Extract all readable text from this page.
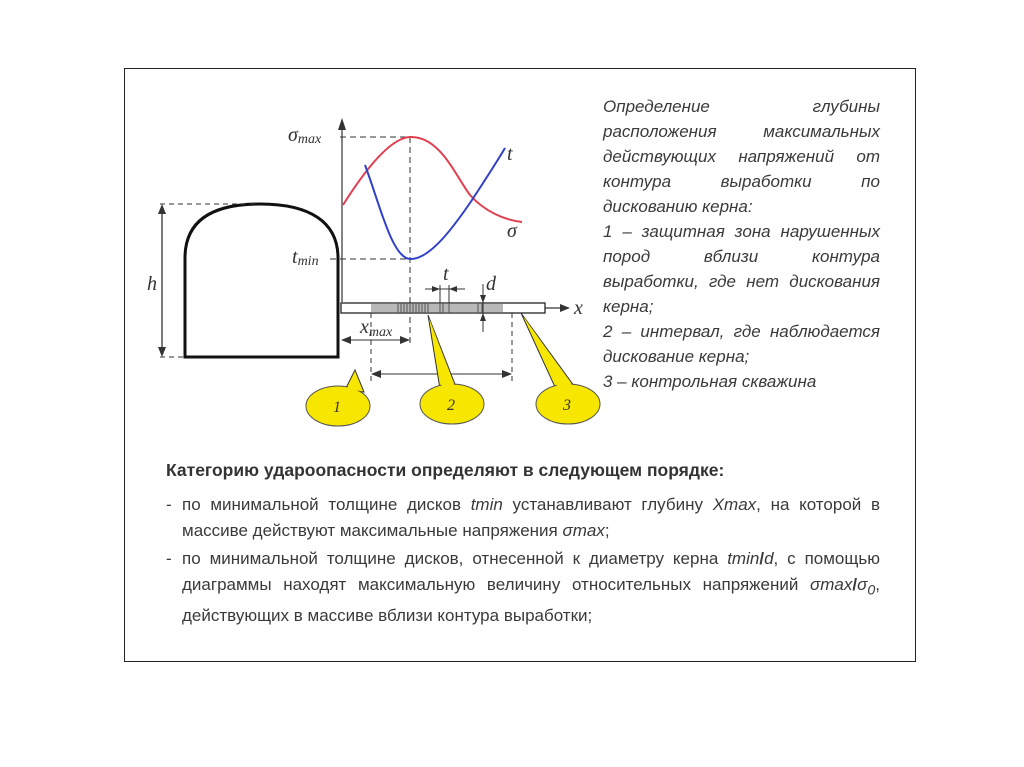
h
σmax
tmin
t
σ
x
t d
xmax
1	2	3

Определение глубины расположения максимальных действующих напряжений от контура выработки по дискованию керна:

1 – защитная зона нарушенных пород вблизи контура выработки, где нет дискования керна;

2 – интервал, где наблюдается дискование керна;

3 – контрольная скважина

Категорию удароопасности определяют в следующем порядке:
- по минимальной толщине дисков tmin устанавливают глубину Xmax, на которой в массиве действуют максимальные напряжения σmax;
- по минимальной толщине дисков, отнесенной к диаметру керна tmin/d, с помощью диаграммы находят максимальную величину относительных напряжений σmax/$\sigma_0$, действующих в массиве вблизи контура выработки;
